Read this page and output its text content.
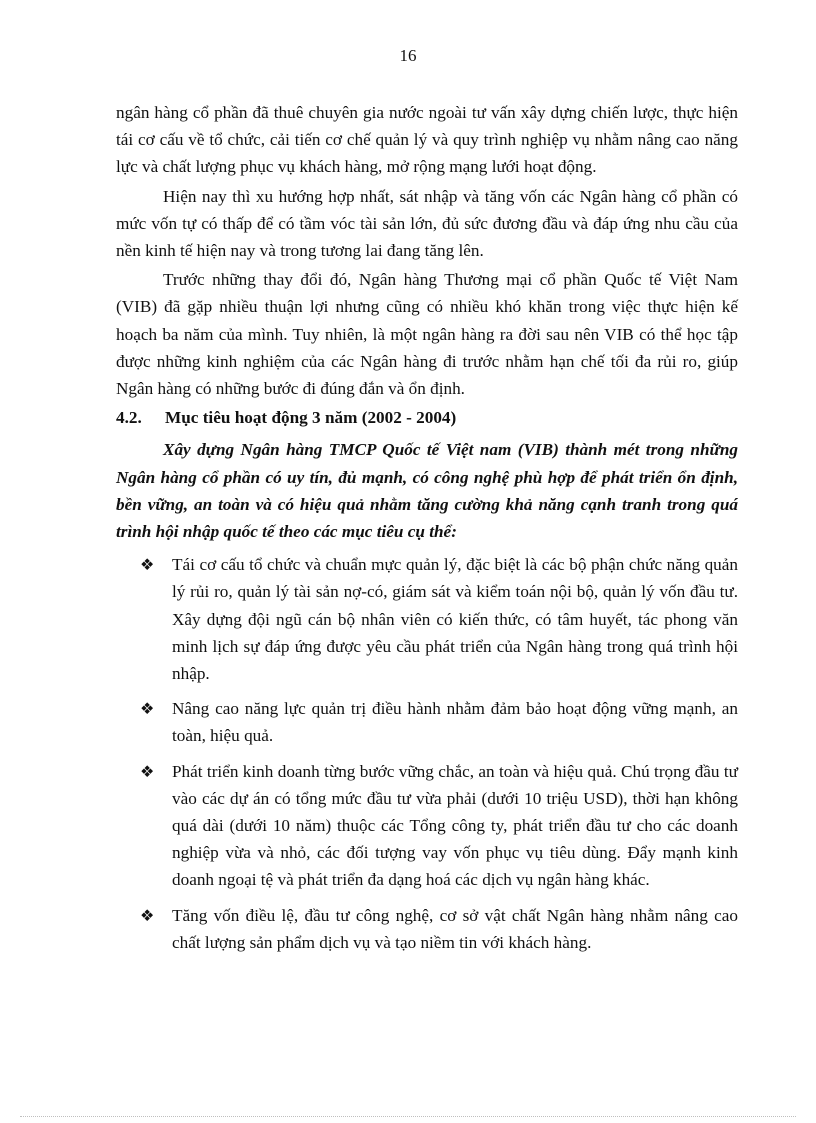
16

ngân hàng cổ phần đã thuê chuyên gia nước ngoài tư vấn xây dựng chiến lược, thực hiện tái cơ cấu về tổ chức, cải tiến cơ chế quản lý và quy trình nghiệp vụ nhằm nâng cao năng lực và chất lượng phục vụ khách hàng, mở rộng mạng lưới hoạt động.

Hiện nay thì xu hướng hợp nhất, sát nhập và tăng vốn các Ngân hàng cổ phần có mức vốn tự có thấp để có tầm vóc tài sản lớn, đủ sức đương đầu và đáp ứng nhu cầu của nền kinh tế hiện nay và trong tương lai đang tăng lên.

Trước những thay đổi đó, Ngân hàng Thương mại cổ phần Quốc tế Việt Nam (VIB) đã gặp nhiều thuận lợi nhưng cũng có nhiều khó khăn trong việc thực hiện kế hoạch ba năm của mình. Tuy nhiên, là một ngân hàng ra đời sau nên VIB có thể học tập được những kinh nghiệm của các Ngân hàng đi trước nhằm hạn chế tối đa rủi ro, giúp Ngân hàng có những bước đi đúng đắn và ổn định.

4.2.	Mục tiêu hoạt động 3 năm (2002 - 2004)

Xây dựng Ngân hàng TMCP Quốc tế Việt nam (VIB) thành mét trong những Ngân hàng cổ phần có uy tín, đủ mạnh, có công nghệ phù hợp để phát triển ổn định, bền vững, an toàn và có hiệu quả nhằm tăng cường khả năng cạnh tranh trong quá trình hội nhập quốc tế theo các mục tiêu cụ thể:

❖ Tái cơ cấu tổ chức và chuẩn mực quản lý, đặc biệt là các bộ phận chức năng quản lý rủi ro, quản lý tài sản nợ-có, giám sát và kiểm toán nội bộ, quản lý vốn đầu tư. Xây dựng đội ngũ cán bộ nhân viên có kiến thức, có tâm huyết, tác phong văn minh lịch sự đáp ứng được yêu cầu phát triển của Ngân hàng trong quá trình hội nhập.
❖ Nâng cao năng lực quản trị điều hành nhằm đảm bảo hoạt động vững mạnh, an toàn, hiệu quả.
❖ Phát triển kinh doanh từng bước vững chắc, an toàn và hiệu quả. Chú trọng đầu tư vào các dự án có tổng mức đầu tư vừa phải (dưới 10 triệu USD), thời hạn không quá dài (dưới 10 năm) thuộc các Tổng công ty, phát triển đầu tư cho các doanh nghiệp vừa và nhỏ, các đối tượng vay vốn phục vụ tiêu dùng. Đẩy mạnh kinh doanh ngoại tệ và phát triển đa dạng hoá các dịch vụ ngân hàng khác.
❖ Tăng vốn điều lệ, đầu tư công nghệ, cơ sở vật chất Ngân hàng nhằm nâng cao chất lượng sản phẩm dịch vụ và tạo niềm tin với khách hàng.
